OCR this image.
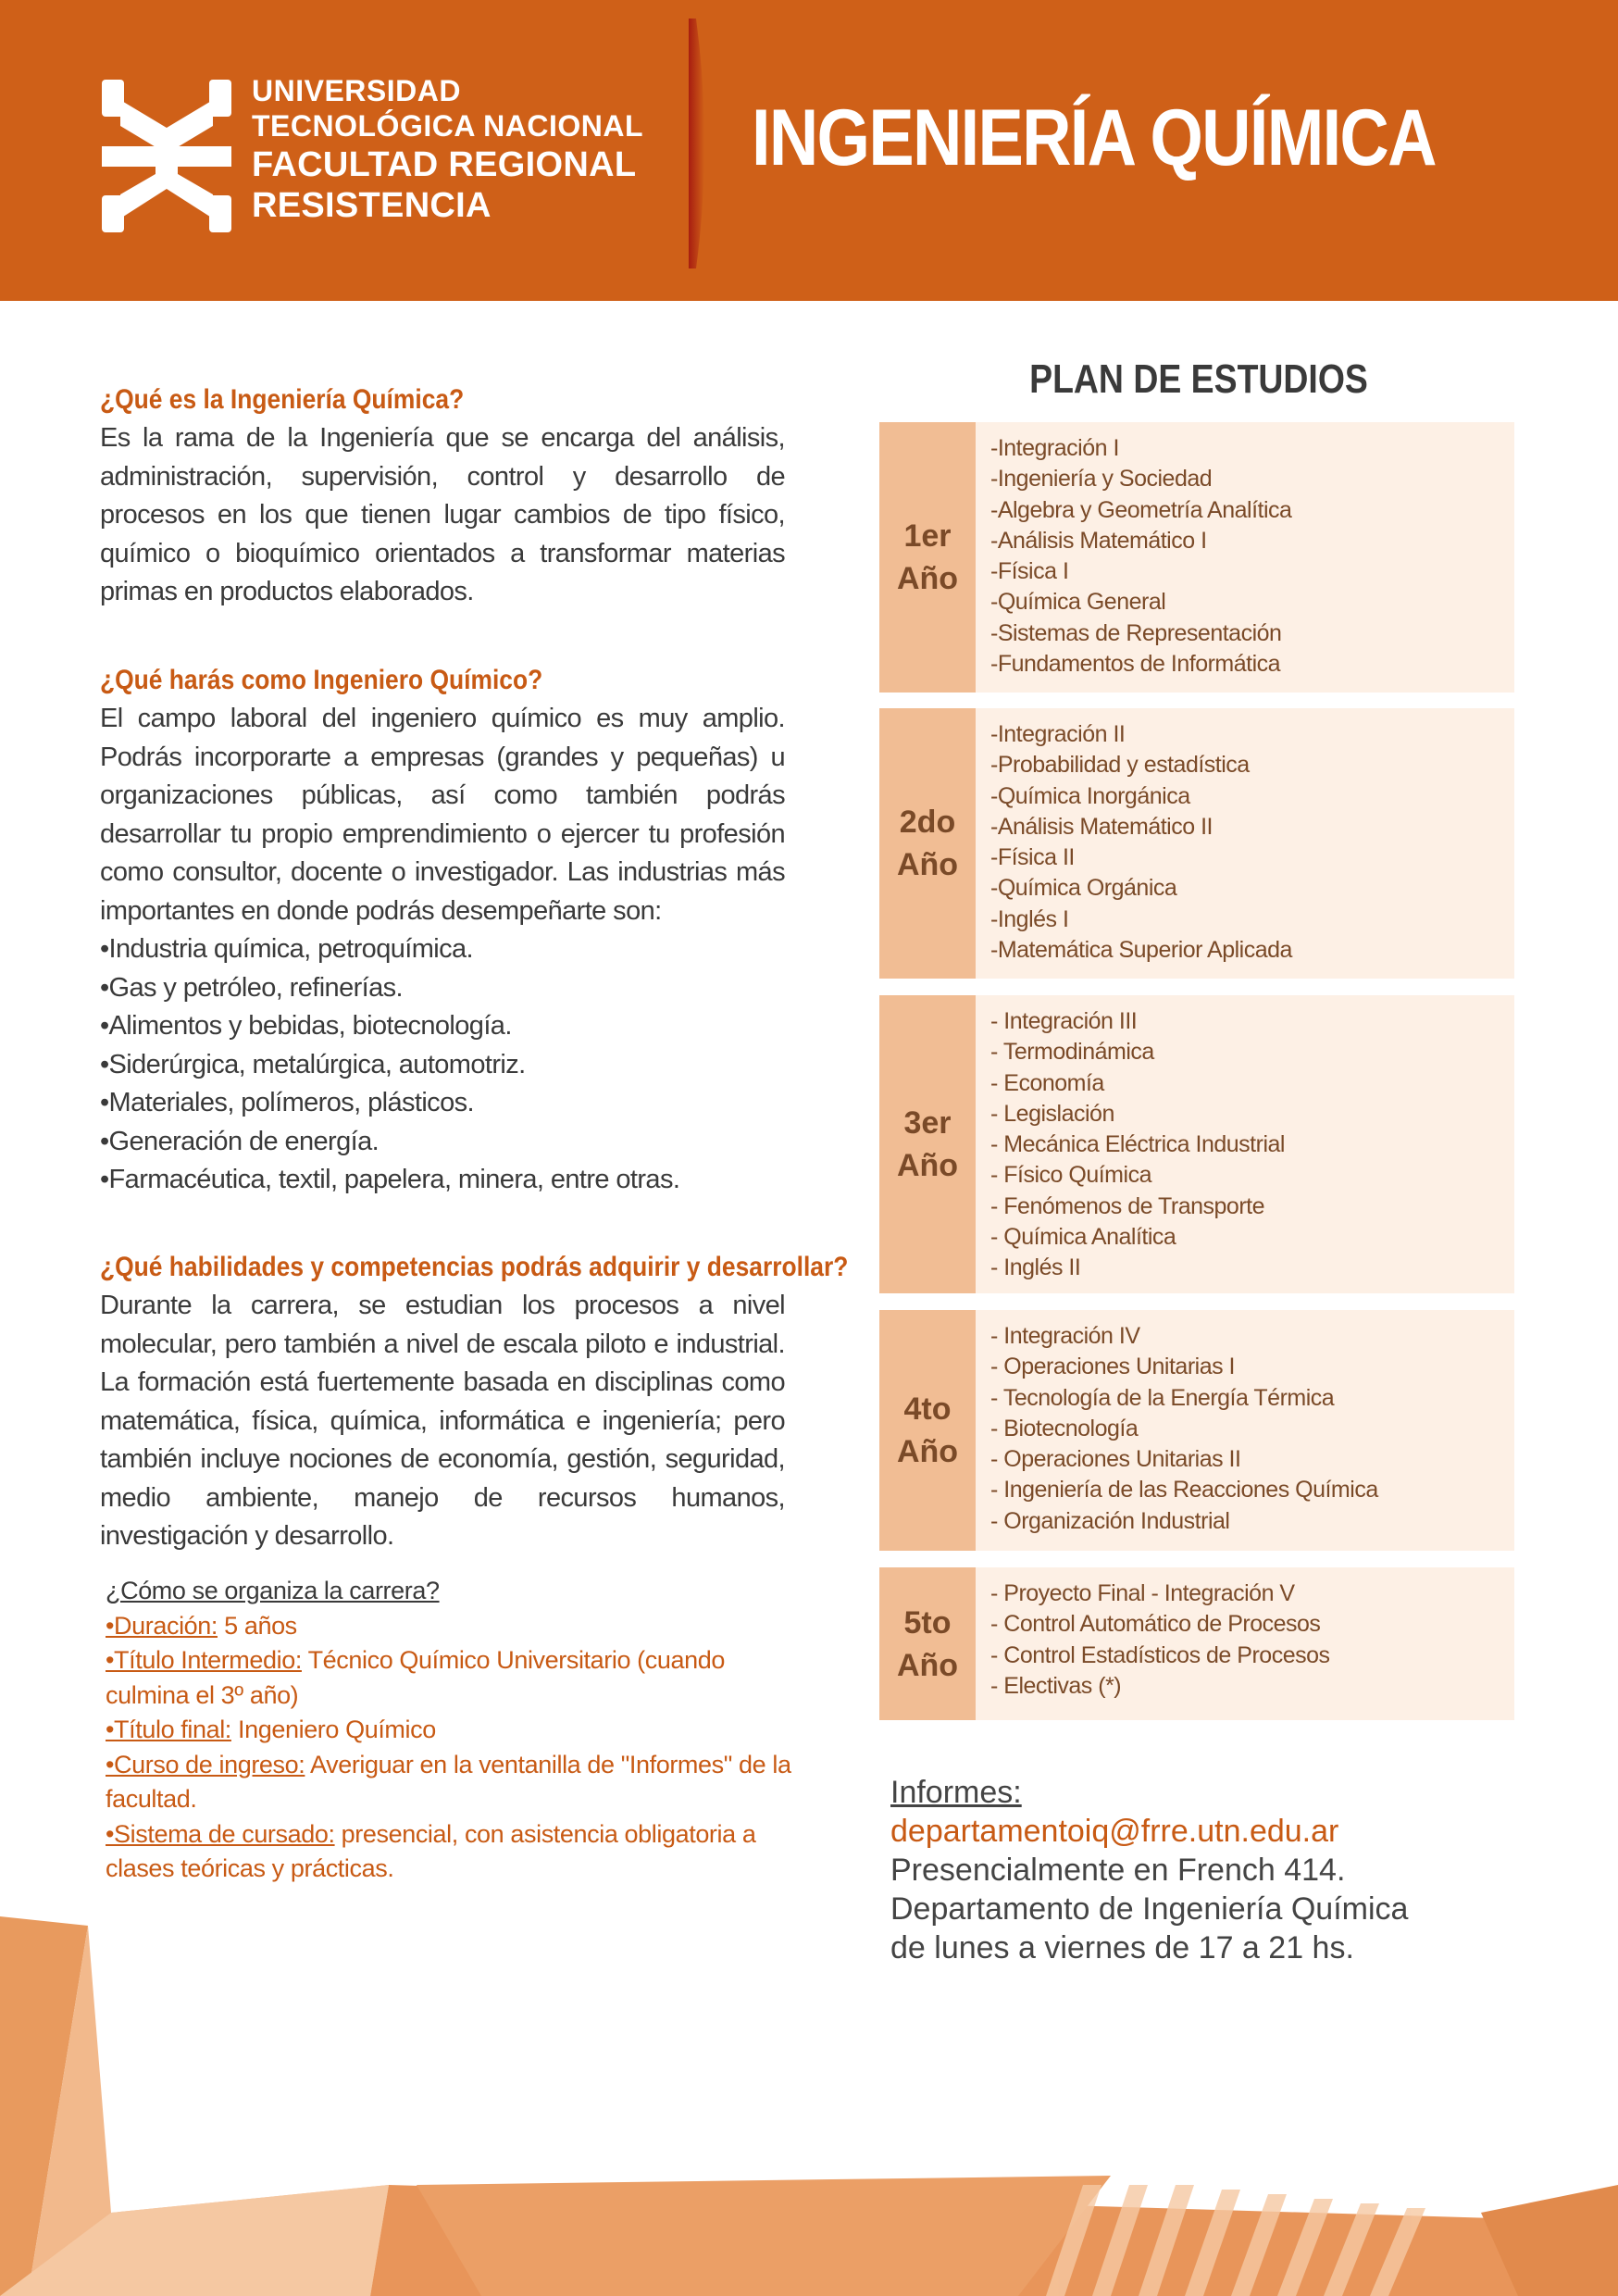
UNIVERSIDAD
TECNOLÓGICA NACIONAL
FACULTAD REGIONAL
RESISTENCIA
INGENIERÍA QUÍMICA

¿Qué es la Ingeniería Química?

Es la rama de la Ingeniería que se encarga del análisis, administración, supervisión, control y desarrollo de procesos en los que tienen lugar cambios de tipo físico, químico o bioquímico orientados a transformar materias primas en productos elaborados.

¿Qué harás como Ingeniero Químico?

El campo laboral del ingeniero químico es muy amplio. Podrás incorporarte a empresas (grandes y pequeñas) u organizaciones públicas, así como también podrás desarrollar tu propio emprendimiento o ejercer tu profesión como consultor, docente o investigador. Las industrias más importantes en donde podrás desempeñarte son:

•Industria química, petroquímica.
•Gas y petróleo, refinerías.
•Alimentos y bebidas, biotecnología.
•Siderúrgica, metalúrgica, automotriz.
•Materiales, polímeros, plásticos.
•Generación de energía.
•Farmacéutica, textil, papelera, minera, entre otras.

¿Qué habilidades y competencias podrás adquirir y desarrollar?

Durante la carrera, se estudian los procesos a nivel molecular, pero también a nivel de escala piloto e industrial. La formación está fuertemente basada en disciplinas como matemática, física, química, informática e ingeniería; pero también incluye nociones de economía, gestión, seguridad, medio ambiente, manejo de recursos humanos, investigación y desarrollo.

¿Cómo se organiza la carrera?
•Duración: 5 años
•Título Intermedio: Técnico Químico Universitario (cuando culmina el 3º año)
•Título final: Ingeniero Químico
•Curso de ingreso: Averiguar en la ventanilla de "Informes" de la facultad.
•Sistema de cursado: presencial, con asistencia obligatoria a clases teóricas y prácticas.
PLAN DE ESTUDIOS
1er
Año
-Integración I
-Ingeniería y Sociedad
-Algebra y Geometría Analítica
-Análisis Matemático I
-Física I
-Química General
-Sistemas de Representación
-Fundamentos de Informática
2do
Año
-Integración II
-Probabilidad y estadística
-Química Inorgánica
-Análisis Matemático II
-Física II
-Química Orgánica
-Inglés I
-Matemática Superior Aplicada
3er
Año
- Integración III
- Termodinámica
- Economía
- Legislación
- Mecánica Eléctrica Industrial
- Físico Química
- Fenómenos de Transporte
- Química Analítica
- Inglés II
4to
Año
- Integración IV
- Operaciones Unitarias I
- Tecnología de la Energía Térmica
- Biotecnología
- Operaciones Unitarias II
- Ingeniería de las Reacciones Química
- Organización Industrial
5to
Año
- Proyecto Final - Integración V
- Control Automático de Procesos
- Control Estadísticos de Procesos
- Electivas (*)
Informes:
departamentoiq@frre.utn.edu.ar
Presencialmente en French 414.
Departamento de Ingeniería Química
de lunes a viernes de 17 a 21 hs.
